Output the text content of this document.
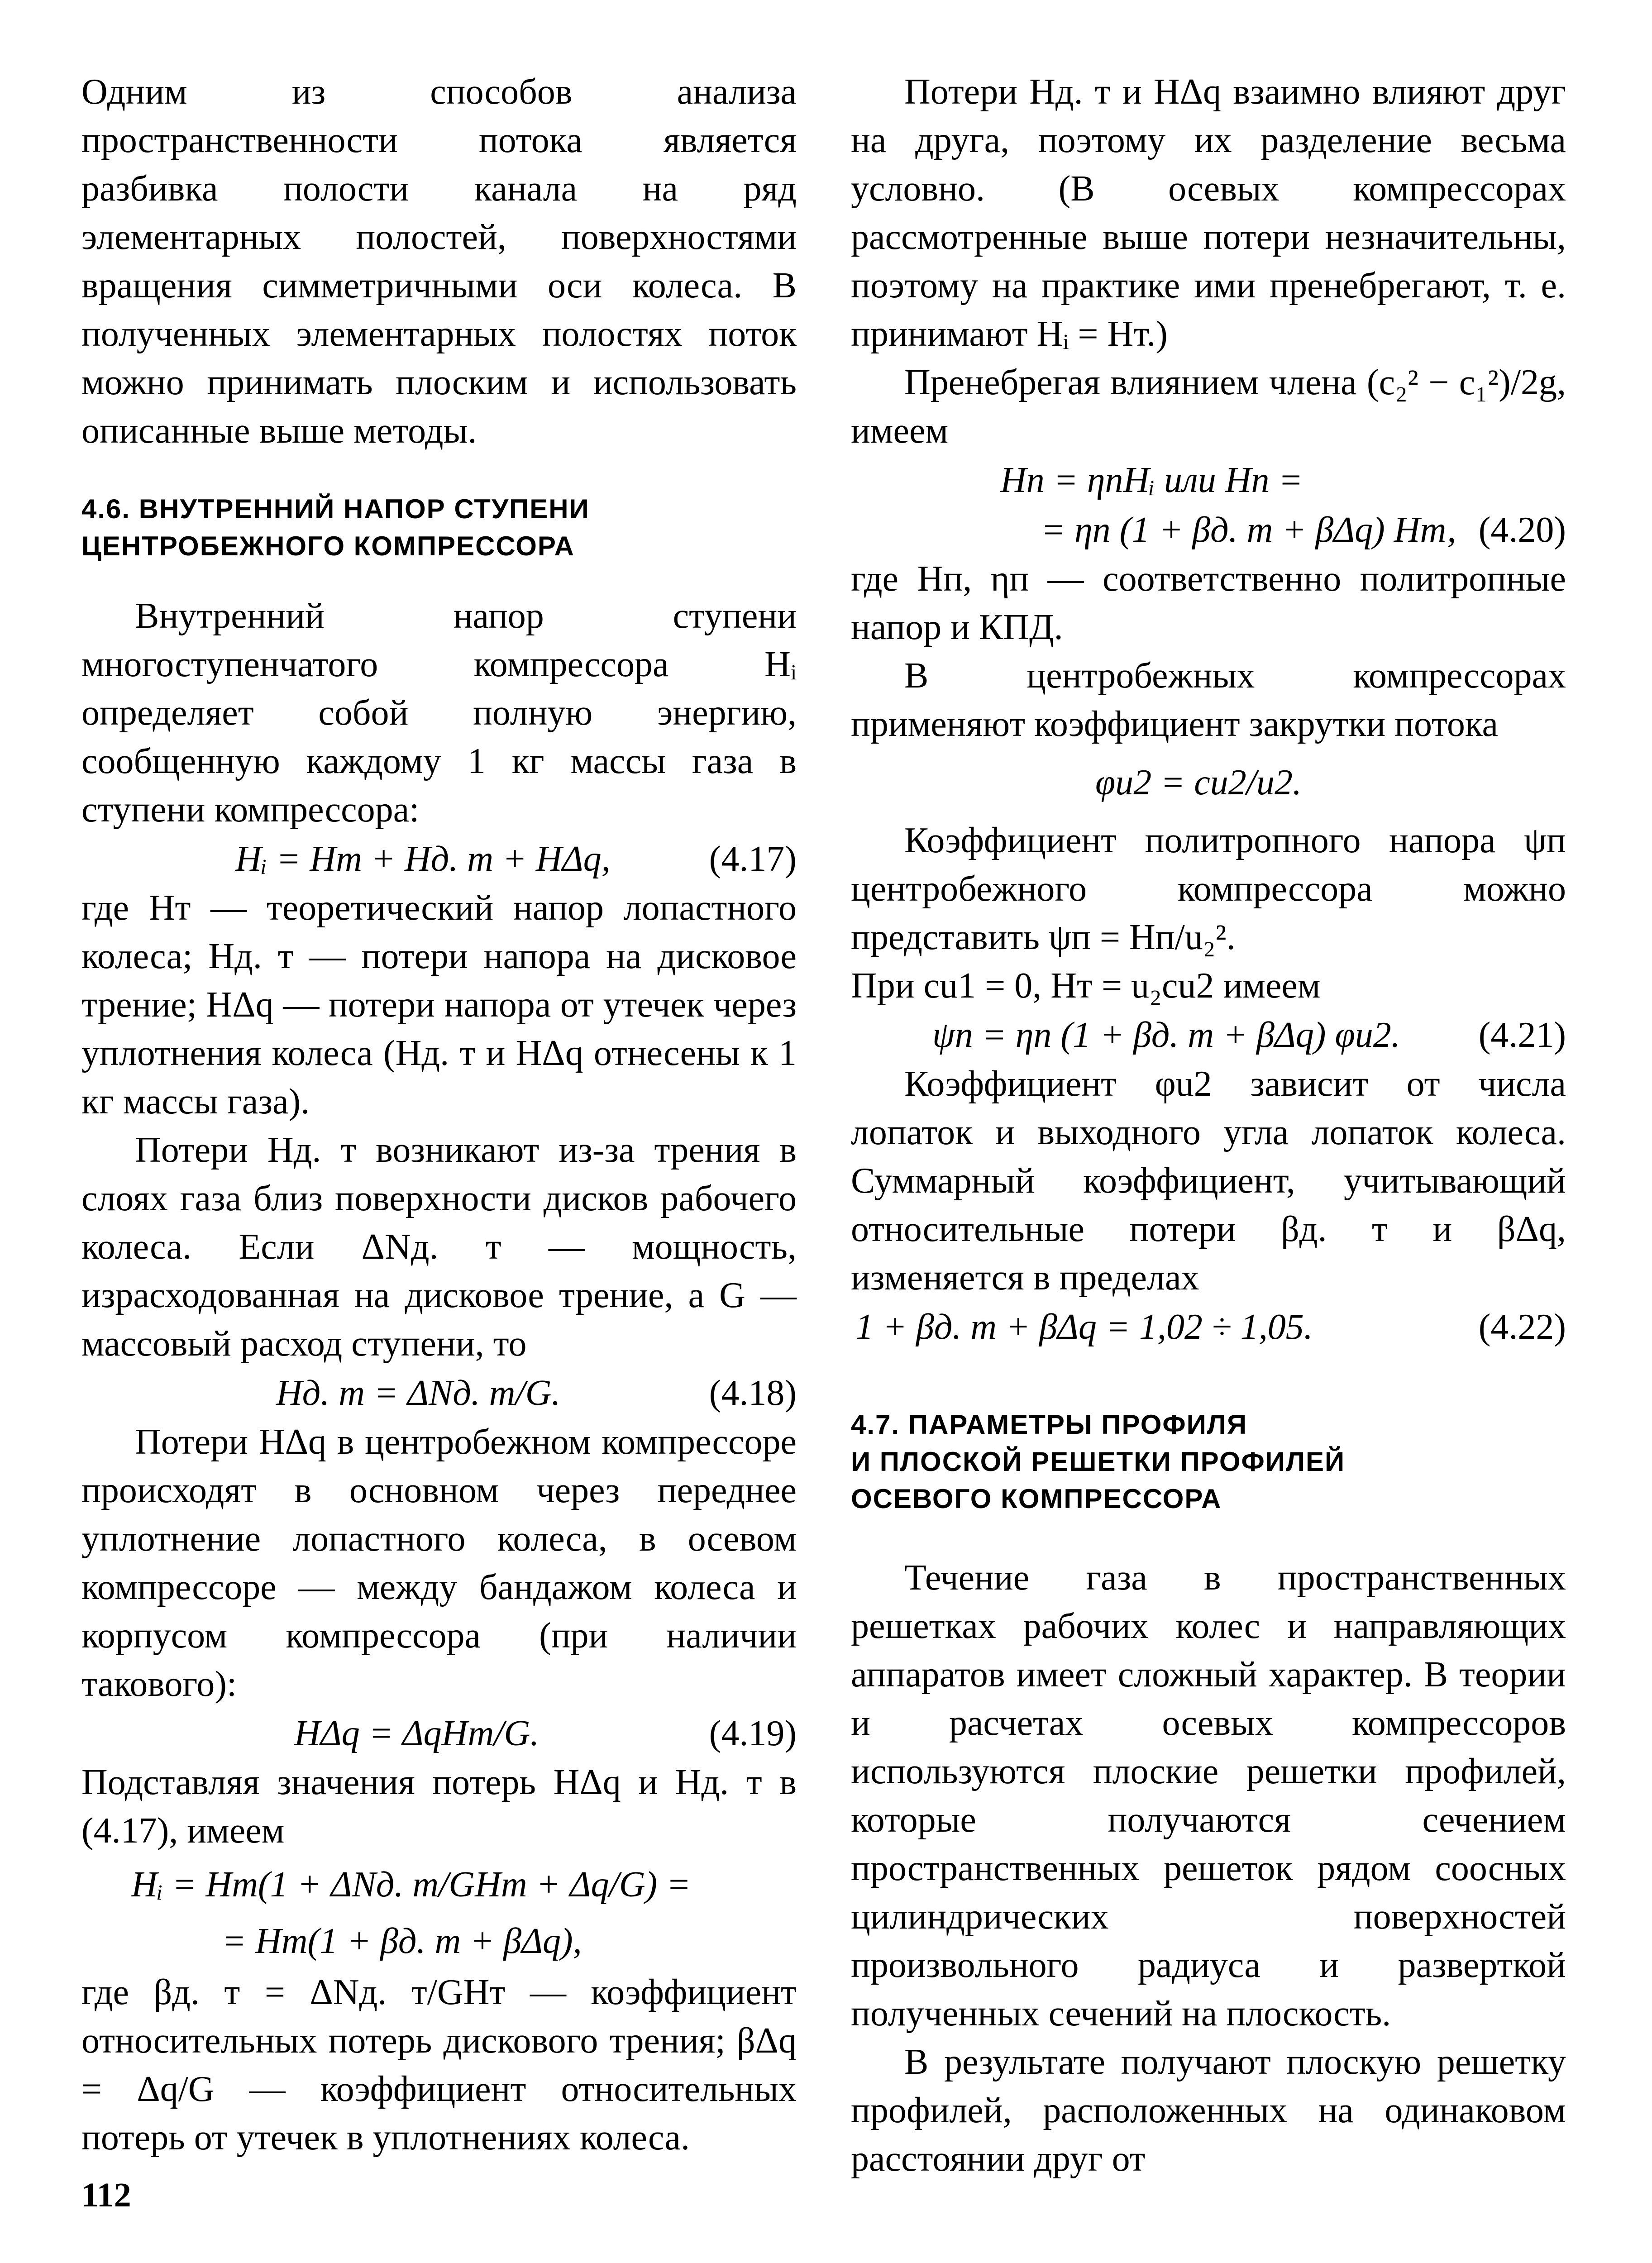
Одним из способов анализа пространственности потока является разбивка полости канала на ряд элементарных полостей, поверхностями вращения симметричными оси колеса. В полученных элементарных полостях поток можно принимать плоским и использовать описанные выше методы.

4.6. ВНУТРЕННИЙ НАПОР СТУПЕНИ

ЦЕНТРОБЕЖНОГО КОМПРЕССОРА

Внутренний напор ступени многоступенчатого компрессора Hᵢ определяет собой полную энергию, сообщенную каждому 1 кг массы газа в ступени компрессора:

Hᵢ = Hт + Hд. т + HΔq,	(4.17)

где Hт — теоретический напор лопастного колеса; Hд. т — потери напора на дисковое трение; HΔq — потери напора от утечек через уплотнения колеса (Hд. т и HΔq отнесены к 1 кг массы газа).

Потери Hд. т возникают из-за трения в слоях газа близ поверхности дисков рабочего колеса. Если ΔNд. т — мощность, израсходованная на дисковое трение, а G — массовый расход ступени, то

Hд. т = ΔNд. т/G.	(4.18)

Потери HΔq в центробежном компрессоре происходят в основном через переднее уплотнение лопастного колеса, в осевом компрессоре — между бандажом колеса и корпусом компрессора (при наличии такового):

HΔq = ΔqHт/G.	(4.19)

Подставляя значения потерь HΔq и Hд. т в (4.17), имеем

Hᵢ = Hт(1 + ΔNд. т/GHт + Δq/G) =
= Hт(1 + βд. т + βΔq),

где βд. т = ΔNд. т/GHт — коэффициент относительных потерь дискового трения; βΔq = Δq/G — коэффициент относительных потерь от утечек в уплотнениях колеса.

112

Потери Hд. т и HΔq взаимно влияют друг на друга, поэтому их разделение весьма условно. (В осевых компрессорах рассмотренные выше потери незначительны, поэтому на практике ими пренебрегают, т. е. принимают Hᵢ = Hт.)

Пренебрегая влиянием члена (c₂² − c₁²)/2g, имеем

Hп = ηпHᵢ или Hп =
= ηп (1 + βд. т + βΔq) Hт, (4.20)

где Hп, ηп — соответственно политропные напор и КПД.

В центробежных компрессорах применяют коэффициент закрутки потока

φu2 = cu2/u2.

Коэффициент политропного напора ψп центробежного компрессора можно представить ψп = Hп/u₂².

При cu1 = 0, Hт = u₂cu2 имеем

ψп = ηп (1 + βд. т + βΔq) φu2. (4.21)

Коэффициент φu2 зависит от числа лопаток и выходного угла лопаток колеса. Суммарный коэффициент, учитывающий относительные потери βд. т и βΔq, изменяется в пределах

1 + βд. т + βΔq = 1,02 ÷ 1,05.	(4.22)

4.7. ПАРАМЕТРЫ ПРОФИЛЯ

И ПЛОСКОЙ РЕШЕТКИ ПРОФИЛЕЙ

ОСЕВОГО КОМПРЕССОРА

Течение газа в пространственных решетках рабочих колес и направляющих аппаратов имеет сложный характер. В теории и расчетах осевых компрессоров используются плоские решетки профилей, которые получаются сечением пространственных решеток рядом соосных цилиндрических поверхностей произвольного радиуса и разверткой полученных сечений на плоскость.

В результате получают плоскую решетку профилей, расположенных на одинаковом расстоянии друг от
